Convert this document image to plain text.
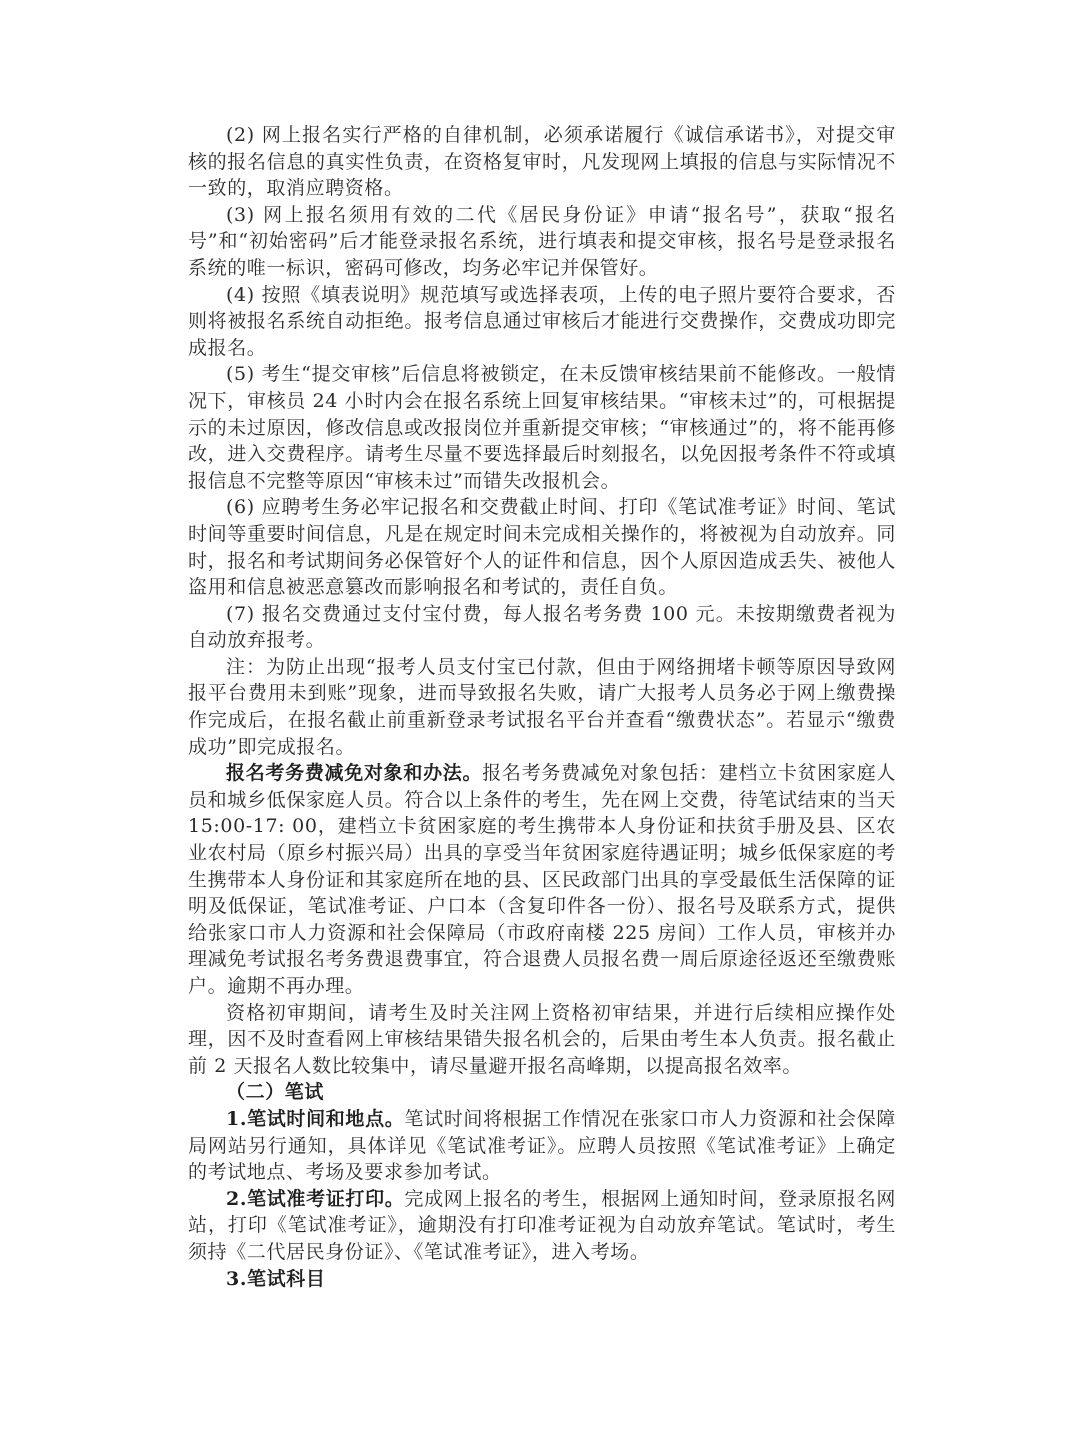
(2) 网上报名实行严格的自律机制，必须承诺履行《诚信承诺书》，对提交审核的报名信息的真实性负责，在资格复审时，凡发现网上填报的信息与实际情况不一致的，取消应聘资格。

(3) 网上报名须用有效的二代《居民身份证》申请“报名号”，获取“报名号”和“初始密码”后才能登录报名系统，进行填表和提交审核，报名号是登录报名系统的唯一标识，密码可修改，均务必牢记并保管好。

(4) 按照《填表说明》规范填写或选择表项，上传的电子照片要符合要求，否则将被报名系统自动拒绝。报考信息通过审核后才能进行交费操作，交费成功即完成报名。

(5) 考生“提交审核”后信息将被锁定，在未反馈审核结果前不能修改。一般情况下，审核员 24 小时内会在报名系统上回复审核结果。“审核未过”的，可根据提示的未过原因，修改信息或改报岗位并重新提交审核；“审核通过”的，将不能再修改，进入交费程序。请考生尽量不要选择最后时刻报名，以免因报考条件不符或填报信息不完整等原因“审核未过”而错失改报机会。

(6) 应聘考生务必牢记报名和交费截止时间、打印《笔试准考证》时间、笔试时间等重要时间信息，凡是在规定时间未完成相关操作的，将被视为自动放弃。同时，报名和考试期间务必保管好个人的证件和信息，因个人原因造成丢失、被他人盗用和信息被恶意篡改而影响报名和考试的，责任自负。

(7) 报名交费通过支付宝付费，每人报名考务费 100 元。未按期缴费者视为自动放弃报考。

注：为防止出现“报考人员支付宝已付款，但由于网络拥堵卡顿等原因导致网报平台费用未到账”现象，进而导致报名失败，请广大报考人员务必于网上缴费操作完成后，在报名截止前重新登录考试报名平台并查看“缴费状态”。若显示“缴费成功”即完成报名。

报名考务费减免对象和办法。报名考务费减免对象包括：建档立卡贫困家庭人员和城乡低保家庭人员。符合以上条件的考生，先在网上交费，待笔试结束的当天15:00-17: 00，建档立卡贫困家庭的考生携带本人身份证和扶贫手册及县、区农业农村局（原乡村振兴局）出具的享受当年贫困家庭待遇证明；城乡低保家庭的考生携带本人身份证和其家庭所在地的县、区民政部门出具的享受最低生活保障的证明及低保证，笔试准考证、户口本（含复印件各一份）、报名号及联系方式，提供给张家口市人力资源和社会保障局（市政府南楼 225 房间）工作人员，审核并办理减免考试报名考务费退费事宜，符合退费人员报名费一周后原途径返还至缴费账户。逾期不再办理。

资格初审期间，请考生及时关注网上资格初审结果，并进行后续相应操作处理，因不及时查看网上审核结果错失报名机会的，后果由考生本人负责。报名截止前 2 天报名人数比较集中，请尽量避开报名高峰期，以提高报名效率。

（二）笔试

1.笔试时间和地点。笔试时间将根据工作情况在张家口市人力资源和社会保障局网站另行通知，具体详见《笔试准考证》。应聘人员按照《笔试准考证》上确定的考试地点、考场及要求参加考试。

2.笔试准考证打印。完成网上报名的考生，根据网上通知时间，登录原报名网站，打印《笔试准考证》，逾期没有打印准考证视为自动放弃笔试。笔试时，考生须持《二代居民身份证》、《笔试准考证》，进入考场。

3.笔试科目
